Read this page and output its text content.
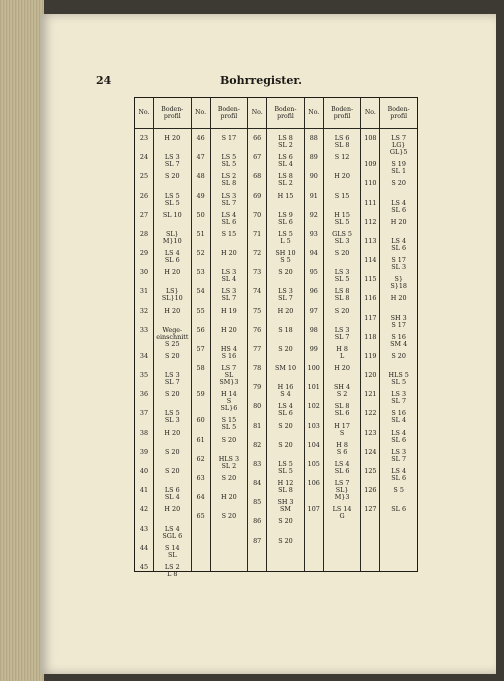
24	Bohrregister.
No.
23
24
25
26
27
28
29
30
31
32
33
34
35
36
37
38
39
40
41
42
43
44
45
Boden- profil
H 20
LS 3
SL 7
S 20
LS 5
SL 5
SL 10
SL}
M}10
LS 4
SL 6
H 20
LS}
SL}10
H 20
Wege-
einschnitt
S 25
S 20
LS 3
SL 7
S 20
LS 5
SL 3
H 20
S 20
S 20
LS 6
SL 4
H 20
LS 4
SGL 6
S 14
SL
LS 2
L 8
No.
46
47
48
49
50
51
52
53
54
55
56
57
58
59
60
61
62
63
64
65
Boden- profil
S 17
LS 5
SL 5
LS 2
SL 8
LS 3
SL 7
LS 4
SL 6
S 15
H 20
LS 3
SL 4
LS 3
SL 7
H 19
H 20
HS 4
S 16
LS 7
SL
SM}3
H 14
S
SL}6
S 15
SL 5
S 20
HLS 3
SL 2
S 20
H 20
S 20
No.
66
67
68
69
70
71
72
73
74
75
76
77
78
79
80
81
82
83
84
85
86
87
Boden- profil
LS 8
SL 2
LS 6
SL 4
LS 8
SL 2
H 15
LS 9
SL 6
LS 5
L 5
SH 10
S 5
S 20
LS 3
SL 7
H 20
S 18
S 20
SM 10
H 16
S 4
LS 4
SL 6
S 20
S 20
LS 5
SL 5
H 12
SL 8
SH 3
SM
S 20
S 20
No.
88
89
90
91
92
93
94
95
96
97
98
99
100
101
102
103
104
105
106
107
Boden- profil
LS 6
SL 8
S 12
H 20
S 15
H 15
SL 5
GLS 5
SL 3
S 20
LS 3
SL 5
LS 8
SL 8
S 20
LS 3
SL 7
H 8
L
H 20
SH 4
S 2
SL 8
SL 6
H 17
S
H 8
S 6
LS 4
SL 6
LS 7
SL}
M}3
LS 14
G
No.
108
109
110
111
112
113
114
115
116
117
118
119
120
121
122
123
124
125
126
127
Boden- profil
LS 7
LG}
GL}5
S 19
SL 1
S 20
LS 4
SL 6
H 20
LS 4
SL 6
S 17
SL 3
S}
S}18
H 20
SH 3
S 17
S 16
SM 4
S 20
HLS 5
SL 5
LS 3
SL 7
S 16
SL 4
LS 4
SL 6
LS 3
SL 7
LS 4
SL 6
S 5
SL 6
